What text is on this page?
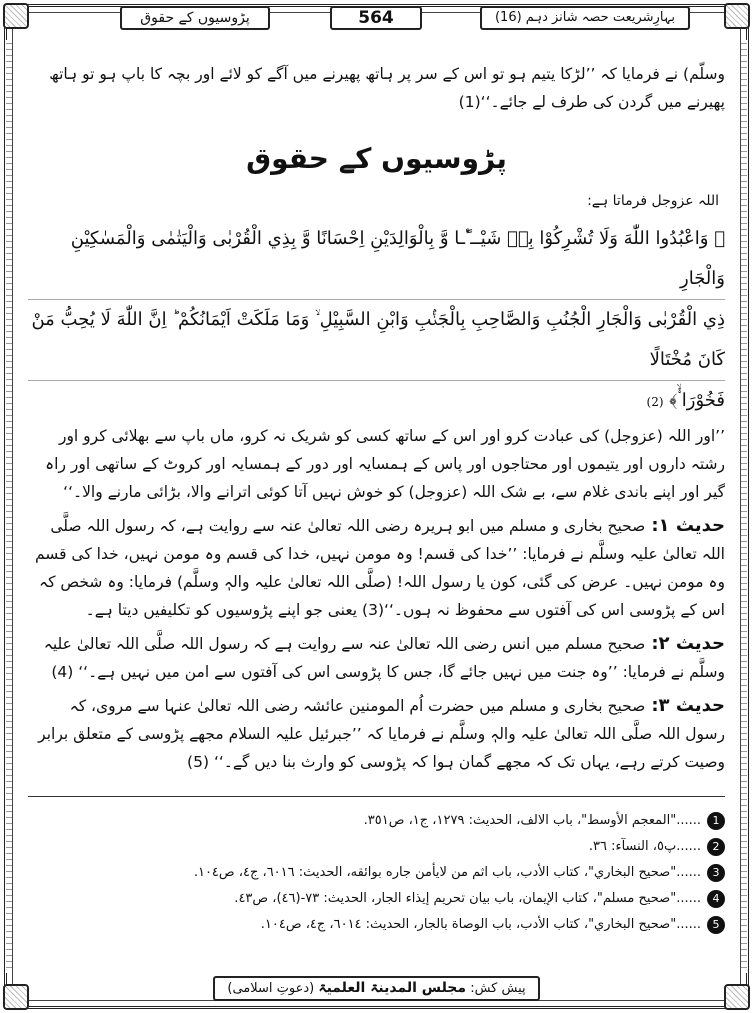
پڑوسیوں کے حقوق	564	بہارِشریعت حصہ شانز دہم (16)

وسلّم) نے فرمایا کہ ’’لڑکا یتیم ہو تو اس کے سر پر ہاتھ پھیرنے میں آگے کو لائے اور بچہ کا باپ ہو تو ہاتھ پھیرنے میں گردن کی طرف لے جائے۔‘‘(1)

پڑوسیوں کے حقوق

اللہ عزوجل فرماتا ہے:

﴿ وَاعْبُدُوا اللّٰهَ وَلَا تُشْرِكُوْا بِهٖ شَيْــٴًـا وَّ بِالْوَالِدَيْنِ اِحْسَانًا وَّ بِذِي الْقُرْبٰى وَالْيَتٰمٰى وَالْمَسٰكِيْنِ وَالْجَارِ

ذِي الْقُرْبٰى وَالْجَارِ الْجُنُبِ وَالصَّاحِبِ بِالْجَنْۢبِ وَابْنِ السَّبِيْلِ ۙ وَمَا مَلَكَتْ اَيْمَانُكُمْ ؕ اِنَّ اللّٰهَ لَا يُحِبُّ مَنْ كَانَ مُخْتَالًا

فَخُوْرَا ۟ۙ﴾ (2)

’’اور اللہ (عزوجل) کی عبادت کرو اور اس کے ساتھ کسی کو شریک نہ کرو، ماں باپ سے بھلائی کرو اور رشتہ داروں اور یتیموں اور محتاجوں اور پاس کے ہمسایہ اور دور کے ہمسایہ اور کروٹ کے ساتھی اور راہ گیر اور اپنے باندی غلام سے، بے شک اللہ (عزوجل) کو خوش نہیں آتا کوئی اترانے والا، بڑائی مارنے والا۔‘‘

حدیث ۱:صحیح بخاری و مسلم میں ابو ہریرہ رضی اللہ تعالیٰ عنہ سے روایت ہے، کہ رسول اللہ صلَّی اللہ تعالیٰ علیہ وسلَّم نے فرمایا: ’’خدا کی قسم! وہ مومن نہیں، خدا کی قسم وہ مومن نہیں، خدا کی قسم وہ مومن نہیں۔ عرض کی گئی، کون یا رسول اللہ! (صلَّی اللہ تعالیٰ علیہ والہٖ وسلَّم) فرمایا: وہ شخص کہ اس کے پڑوسی اس کی آفتوں سے محفوظ نہ ہوں۔‘‘(3) یعنی جو اپنے پڑوسیوں کو تکلیفیں دیتا ہے۔

حدیث ۲:صحیح مسلم میں انس رضی اللہ تعالیٰ عنہ سے روایت ہے کہ رسول اللہ صلَّی اللہ تعالیٰ علیہ وسلَّم نے فرمایا: ’’وہ جنت میں نہیں جائے گا، جس کا پڑوسی اس کی آفتوں سے امن میں نہیں ہے۔‘‘ (4)

حدیث ۳:صحیح بخاری و مسلم میں حضرت اُم المومنین عائشہ رضی اللہ تعالیٰ عنہا سے مروی، کہ رسول اللہ صلَّی اللہ تعالیٰ علیہ والہٖ وسلَّم نے فرمایا کہ ’’جبرئیل علیہ السلام مجھے پڑوسی کے متعلق برابر وصیت کرتے رہے، یہاں تک کہ مجھے گمان ہوا کہ پڑوسی کو وارث بنا دیں گے۔‘‘ (5)

1
......"المعجم الأوسط"، باب الالف، الحديث: ١٢٧٩، ج١، ص٣٥١.
2
......پ٥، النسآء: ٣٦.
3
......"صحيح البخاري"، كتاب الأدب، باب اثم من لايأمن جاره بوائقه، الحديث: ٦٠١٦، ج٤، ص١٠٤.
4
......"صحيح مسلم"، كتاب الإيمان، باب بيان تحريم إيذاء الجار، الحديث: ٧٣-(٤٦)، ص٤٣.
5
......"صحيح البخاري"، كتاب الأدب، باب الوصاة بالجار، الحديث: ٦٠١٤، ج٤، ص١٠٤.
پیش کش: مجلس المدینۃ العلمیۃ (دعوتِ اسلامی)
